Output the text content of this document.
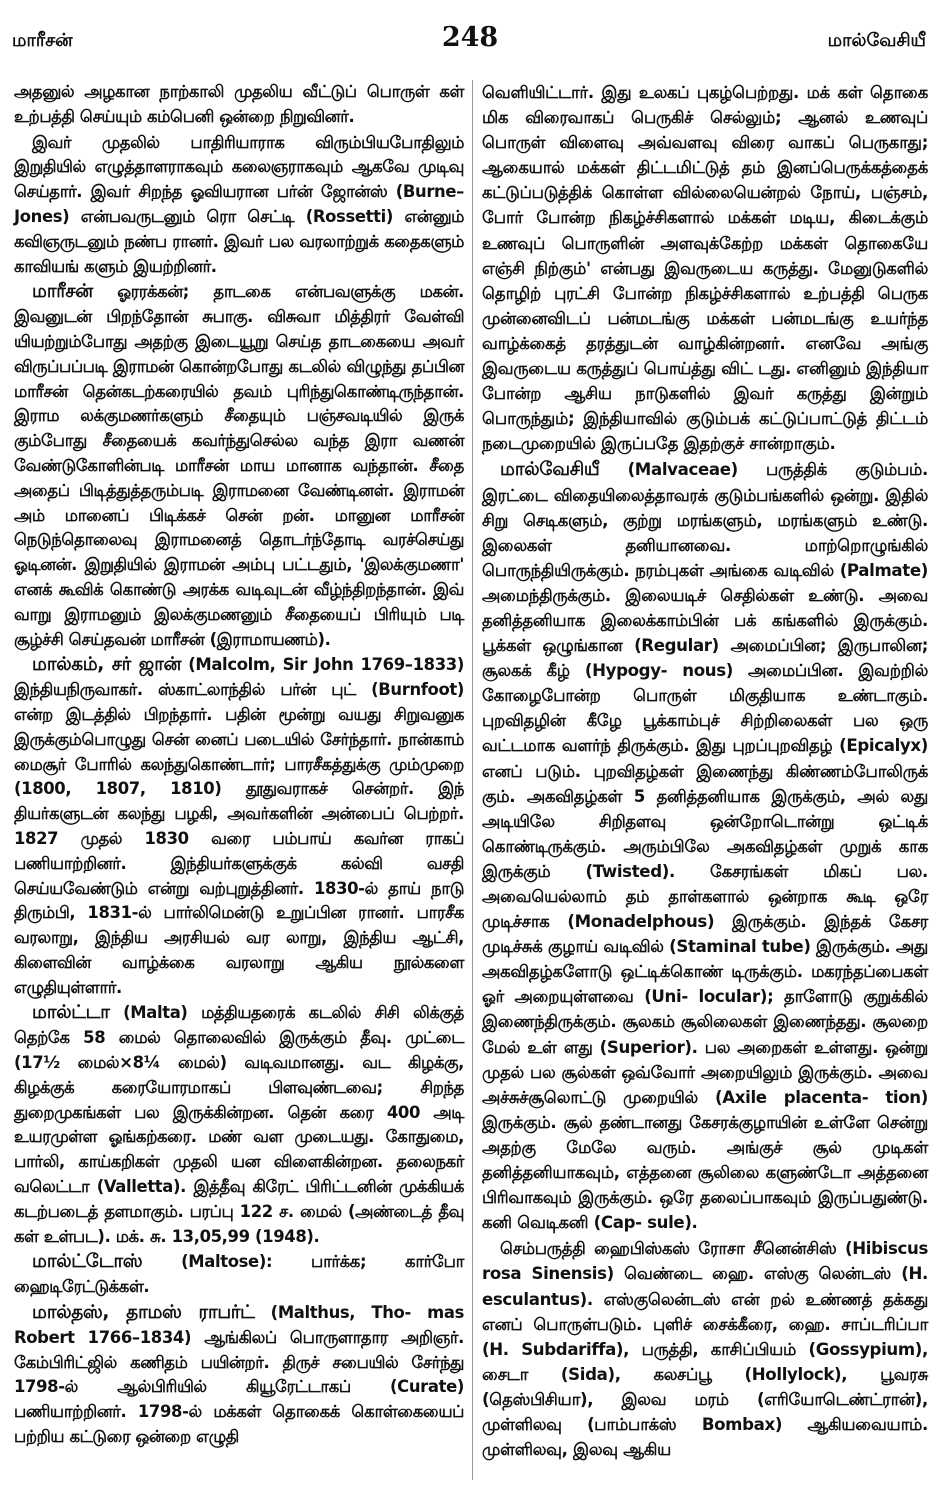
மாரீசன்	248	மால்வேசியீ

அதனுல் அழகான நாற்காலி முதலிய வீட்டுப் பொருள் கள் உற்பத்தி செய்யும் கம்பெனி ஒன்றை நிறுவினர்.

இவர் முதலில் பாதிரியாராக விரும்பியபோதிலும் இறுதியில் எழுத்தாளராகவும் கலைஞராகவும் ஆகவே முடிவு செய்தார். இவர் சிறந்த ஓவியரான பர்ன் ஜோன்ஸ் (Burne–Jones) என்பவருடனும் ரொ செட்டி (Rossetti) என்னும் கவிஞருடனும் நண்ப ரானர். இவர் பல வரலாற்றுக் கதைகளும் காவியங் களும் இயற்றினர்.

மாரீசன் ஓரரக்கன்; தாடகை என்பவளுக்கு மகன். இவனுடன் பிறந்தோன் சுபாகு. விசுவா மித்திரர் வேள்வி யியற்றும்போது அதற்கு இடையூறு செய்த தாடகையை அவர் விருப்பப்படி இராமன் கொன்றபோது கடலில் விழுந்து தப்பின மாரீசன் தென்கடற்கரையில் தவம் புரிந்துகொண்டிருந்தான். இராம லக்குமணர்களும் சீதையும் பஞ்சவடியில் இருக் கும்போது சீதையைக் கவர்ந்துசெல்ல வந்த இரா வணன் வேண்டுகோளின்படி மாரீசன் மாய மானாக வந்தான். சீதை அதைப் பிடித்துத்தரும்படி இராமனை வேண்டினள். இராமன் அம் மானைப் பிடிக்கச் சென் றன். மானுன மாரீசன் நெடுந்தொலைவு இராமனைத் தொடர்ந்தோடி வரச்செய்து ஓடினன். இறுதியில் இராமன் அம்பு பட்டதும், 'இலக்குமணா' எனக் கூவிக் கொண்டு அரக்க வடிவுடன் வீழ்ந்திறந்தான். இவ் வாறு இராமனும் இலக்குமணனும் சீதையைப் பிரியும் படி சூழ்ச்சி செய்தவன் மாரீசன் (இராமாயணம்).

மால்கம், சர் ஜான் (Malcolm, Sir John 1769–1833) இந்தியநிருவாகர். ஸ்காட்லாந்தில் பர்ன் புட் (Burnfoot) என்ற இடத்தில் பிறந்தார். பதின் மூன்று வயது சிறுவனுக இருக்கும்பொழுது சென் னைப் படையில் சேர்ந்தார். நான்காம் மைசூர் போரில் கலந்துகொண்டார்; பாரசீகத்துக்கு மும்முறை (1800, 1807, 1810) தூதுவராகச் சென்றர். இந் தியர்களுடன் கலந்து பழகி, அவர்களின் அன்பைப் பெற்றர். 1827 முதல் 1830 வரை பம்பாய் கவர்ன ராகப் பணியாற்றினர். இந்தியர்களுக்குக் கல்வி வசதி செய்யவேண்டும் என்று வற்புறுத்தினர். 1830-ல் தாய் நாடு திரும்பி, 1831-ல் பார்லிமென்டு உறுப்பின ரானர். பாரசீக வரலாறு, இந்திய அரசியல் வர லாறு, இந்திய ஆட்சி, கிளைவின் வாழ்க்கை வரலாறு ஆகிய நூல்களை எழுதியுள்ளார்.

மால்ட்டா (Malta) மத்தியதரைக் கடலில் சிசி லிக்குத் தெற்கே 58 மைல் தொலைவில் இருக்கும் தீவு. முட்டை (17½ மைல்×8¼ மைல்) வடிவமானது. வட கிழக்கு, கிழக்குக் கரையோரமாகப் பிளவுண்டவை; சிறந்த துறைமுகங்கள் பல இருக்கின்றன. தென் கரை 400 அடி உயரமுள்ள ஓங்கற்கரை. மண் வள முடையது. கோதுமை, பார்லி, காய்கறிகள் முதலி யன விளைகின்றன. தலைநகர் வலெட்டா (Valletta). இத்தீவு கிரேட் பிரிட்டனின் முக்கியக் கடற்படைத் தளமாகும். பரப்பு 122 ச. மைல் (அண்டைத் தீவு கள் உள்பட). மக். சு. 13,05,99 (1948).

மால்ட்டோஸ் (Maltose): பார்க்க; கார்போ ஹைடிரேட்டுக்கள்.

மால்தஸ், தாமஸ் ராபர்ட் (Malthus, Tho- mas Robert 1766–1834) ஆங்கிலப் பொருளாதார அறிஞர். கேம்பிரிட்ஜில் கணிதம் பயின்றர். திருச் சபையில் சேர்ந்து 1798-ல் ஆல்பிரியில் கியூரேட்டாகப் (Curate) பணியாற்றினர். 1798-ல் மக்கள் தொகைக் கொள்கையைப் பற்றிய கட்டுரை ஒன்றை எழுதி

வெளியிட்டார். இது உலகப் புகழ்பெற்றது. மக் கள் தொகை மிக விரைவாகப் பெருகிச் செல்லும்; ஆனல் உணவுப் பொருள் விளைவு அவ்வளவு விரை வாகப் பெருகாது; ஆகையால் மக்கள் திட்டமிட்டுத் தம் இனப்பெருக்கத்தைக் கட்டுப்படுத்திக் கொள்ள வில்லையென்றல் நோய், பஞ்சம், போர் போன்ற நிகழ்ச்சிகளால் மக்கள் மடிய, கிடைக்கும் உணவுப் பொருளின் அளவுக்கேற்ற மக்கள் தொகையே எஞ்சி நிற்கும்' என்பது இவருடைய கருத்து. மேனுடுகளில் தொழிற் புரட்சி போன்ற நிகழ்ச்சிகளால் உற்பத்தி பெருக முன்னைவிடப் பன்மடங்கு மக்கள் பன்மடங்கு உயர்ந்த வாழ்க்கைத் தரத்துடன் வாழ்கின்றனர். எனவே அங்கு இவருடைய கருத்துப் பொய்த்து விட் டது. எனினும் இந்தியா போன்ற ஆசிய நாடுகளில் இவர் கருத்து இன்றும் பொருந்தும்; இந்தியாவில் குடும்பக் கட்டுப்பாட்டுத் திட்டம் நடைமுறையில் இருப்பதே இதற்குச் சான்றாகும்.

மால்வேசியீ (Malvaceae) பருத்திக் குடும்பம். இரட்டை விதையிலைத்தாவரக் குடும்பங்களில் ஒன்று. இதில் சிறு செடிகளும், குற்று மரங்களும், மரங்களும் உண்டு. இலைகள் தனியானவை. மாற்றொழுங்கில் பொருந்தியிருக்கும். நரம்புகள் அங்கை வடிவில் (Palmate) அமைந்திருக்கும். இலையடிச் செதில்கள் உண்டு. அவை தனித்தனியாக இலைக்காம்பின் பக் கங்களில் இருக்கும். பூக்கள் ஒழுங்கான (Regular) அமைப்பின; இருபாலின; சூலகக் கீழ் (Hypogy- nous) அமைப்பின. இவற்றில் கோழைபோன்ற பொருள் மிகுதியாக உண்டாகும். புறவிதழின் கீழே பூக்காம்புச் சிற்றிலைகள் பல ஒரு வட்டமாக வளர்ந் திருக்கும். இது புறப்புறவிதழ் (Epicalyx) எனப் படும். புறவிதழ்கள் இணைந்து கிண்ணம்போலிருக் கும். அகவிதழ்கள் 5 தனித்தனியாக இருக்கும், அல் லது அடியிலே சிறிதளவு ஒன்றோடொன்று ஒட்டிக் கொண்டிருக்கும். அரும்பிலே அகவிதழ்கள் முறுக் காக இருக்கும் (Twisted). கேசரங்கள் மிகப் பல. அவையெல்லாம் தம் தாள்களால் ஒன்றாக கூடி ஒரே முடிச்சாக (Monadelphous) இருக்கும். இந்தக் கேசர முடிச்சுக் குழாய் வடிவில் (Staminal tube) இருக்கும். அது அகவிதழ்களோடு ஒட்டிக்கொண் டிருக்கும். மகரந்தப்பைகள் ஓர் அறையுள்ளவை (Uni- locular); தாளோடு குறுக்கில் இணைந்திருக்கும். சூலகம் சூலிலைகள் இணைந்தது. சூலறை மேல் உள் ளது (Superior). பல அறைகள் உள்ளது. ஒன்று முதல் பல சூல்கள் ஒவ்வோர் அறையிலும் இருக்கும். அவை அச்சுச்சூலொட்டு முறையில் (Axile placenta- tion) இருக்கும். சூல் தண்டானது கேசரக்குழாயின் உள்ளே சென்று அதற்கு மேலே வரும். அங்குச் சூல் முடிகள் தனித்தனியாகவும், எத்தனை சூலிலை களுண்டோ அத்தனை பிரிவாகவும் இருக்கும். ஒரே தலைப்பாகவும் இருப்பதுண்டு. கனி வெடிகனி (Cap- sule).

செம்பருத்தி ஹைபிஸ்கஸ் ரோசா சீனென்சிஸ் (Hibiscus rosa Sinensis) வெண்டை ஹை. எஸ்கு லென்டஸ் (H. esculantus). எஸ்குலென்டஸ் என் றல் உண்ணத் தக்கது எனப் பொருள்படும். புளிச் சைக்கீரை, ஹை. சாப்டரிப்பா (H. Subdariffa), பருத்தி, காசிப்பியம் (Gossypium), சைடா (Sida), கலசப்பூ (Hollylock), பூவரசு (தெஸ்பிசியா), இலவ மரம் (எரியோடெண்ட்ரான்), முள்ளிலவு (பாம்பாக்ஸ் Bombax) ஆகியவையாம். முள்ளிலவு, இலவு ஆகிய
